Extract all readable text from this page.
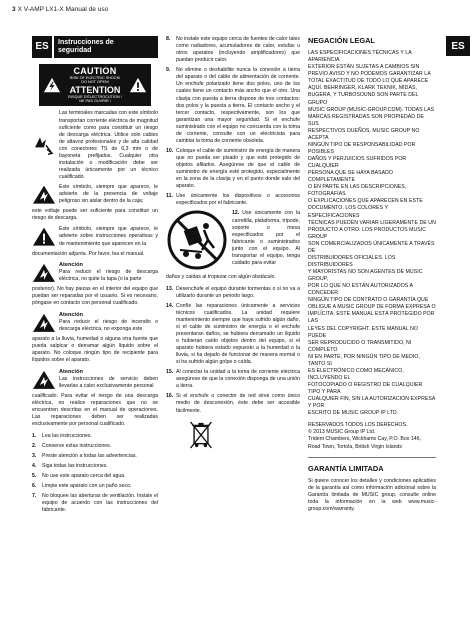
3 X V-AMP LX1-X Manual de uso
ES
ES	Instrucciones de
seguridad
CAUTION
RISK OF ELECTRIC SHOCK!
DO NOT OPEN!
ATTENTION
RISQUE D'ÉLECTROCUTION !
NE PAS OUVRIR !
Las terminales marcadas con este símbolo transportan corriente eléctrica de magnitud suficiente como para constituir un riesgo de descarga eléctrica. Utilice solo cables de altavoz profesionales y de alta calidad con conectores TS de 6,3 mm o de bayoneta prefijados. Cualquier otra instalación o modificación debe ser realizada únicamente por un técnico cualificado.
Este símbolo, siempre que aparece, le advierte de la presencia de voltaje peligroso sin aislar dentro de la caja;
este voltaje puede ser suficiente para constituir un riesgo de descarga.
Este símbolo, siempre que aparece, le advierte sobre instrucciones operativas y de mantenimiento que aparecen en la
documentación adjunta. Por favor, lea el manual.
Atención
Para reducir el riesgo de descarga eléctrica, no quite la tapa (o la parte
posterior). No hay piezas en el interior del equipo que puedan ser reparadas por el usuario. Si es necesario, póngase en contacto con personal cualificado.
Atención
Para reducir el riesgo de incendio o descarga eléctrica, no exponga este
aparato a la lluvia, humedad o alguna otra fuente que pueda salpicar o derramar algún líquido sobre el aparato. No coloque ningún tipo de recipiente para líquidos sobre el aparato.
Atención
Las instrucciones de servicio deben llevarlas a cabo exclusivamente personal
cualificado. Para evitar el riesgo de una descarga eléctrica, no realice reparaciones que no se encuentren descritas en el manual de operaciones. Las reparaciones deben ser realizadas exclusivamente por personal cualificado.
1.	Lea las instrucciones.
2.	Conserve estas instrucciones.
3.	Preste atención a todas las advertencias.
4.	Siga todas las instrucciones.
5.	No use este aparato cerca del agua.
6.	Limpie este aparato con un paño seco.
7.	No bloquee las aberturas de ventilación. Instale el equipo de acuerdo con las instrucciones del fabricante.
8.	No instale este equipo cerca de fuentes de calor tales como radiadores, acumuladores de calor, estufas u otros aparatos (incluyendo amplificadores) que puedan producir calor.
9.	No elimine o deshabilite nunca la conexión a tierra del aparato o del cable de alimentación de corriente. Un enchufe polarizado tiene dos polos, uno de los cuales tiene un contacto más ancho que el otro. Una clavija con puesta a tierra dispone de tres contactos: dos polos y la puesta a tierra. El contacto ancho y el tercer contacto, respectivamente, son los que garantizan una mayor seguridad. Si el enchufe suministrado con el equipo no concuerda con la toma de corriente, consulte con un electricista para cambiar la toma de corriente obsoleta.
10. Coloque el cable de suministro de energía de manera que no pueda ser pisado y que esté protegido de objetos afilados. Asegúrese de que el cable de suministro de energía esté protegido, especialmente en la zona de la clavija y en el punto donde sale del aparato.
11. Use únicamente los dispositivos o accesorios especificados por el fabricante.
12. Use únicamente con la carretilla, plataforma, trípode, soporte o mesa especificados por el fabricante o suministrados junto con el equipo. Al transportar el equipo, tenga cuidado para evitar
daños y caídas al tropezar con algún obstáculo.
13. Desenchufe el equipo durante tormentas o si no va a utilizarlo durante un periodo largo.
14. Confíe las reparaciones únicamente a servicios técnicos cualificados. La unidad requiere mantenimiento siempre que haya sufrido algún daño, si el cable de suministro de energía o el enchufe presentaran daños, se hubiera derramado un líquido o hubieran caído objetos dentro del equipo, si el aparato hubiera estado expuesto a la humedad o la lluvia, si ha dejado de funcionar de manera normal o si ha sufrido algún golpe o caída.
15. Al conectar la unidad a la toma de corriente eléctrica asegúrese de que la conexión disponga de una unión a tierra.
16. Si el enchufe o conector de red sirve como único medio de desconexión, éste debe ser accesible fácilmente.
NEGACIÓN LEGAL
LAS ESPECIFICACIONES TÉCNICAS Y LA APARIENCIA
EXTERIOR ESTÁN SUJETAS A CAMBIOS SIN
PREVIO AVISO Y NO PODEMOS GARANTIZAR LA
TOTAL EXACTITUD DE TODO LO QUE APARECE
AQUÍ. BEHRINGER, KLARK TEKNIK, MIDAS,
BUGERA, Y TURBOSOUND SON PARTE DEL GRUPO
MUSIC GROUP (MUSIC-GROUP.COM). TODAS LAS
MARCAS REGISTRADAS SON PROPIEDAD DE SUS
RESPECTIVOS DUEÑOS. MUSIC GROUP NO ACEPTA
NINGÚN TIPO DE RESPONSABILIDAD POR POSIBLES
DAÑOS Y PERJUICIOS SUFRIDOS POR CUALQUIER
PERSONA QUE SE HAYA BASADO COMPLETAMENTE
O EN PARTE EN LAS DESCRIPCIONES, FOTOGRAFÍAS
O EXPLICACIONES QUE APARECEN EN ESTE
DOCUMENTO. LOS COLORES Y ESPECIFICACIONES
TÉCNICAS PUEDEN VARIAR LIGERAMENTE DE UN
PRODUCTO A OTRO. LOS PRODUCTOS MUSIC GROUP
SON COMERCIALIZADOS ÚNICAMENTE A TRAVÉS DE
DISTRIBUIDORES OFICIALES. LOS DISTRIBUIDORES
Y MAYORISTAS NO SON AGENTES DE MUSIC GROUP,
POR LO QUE NO ESTÁN AUTORIZADOS A CONCEDER
NINGÚN TIPO DE CONTRATO O GARANTÍA QUE
OBLIGUE A MUSIC GROUP DE FORMA EXPRESA O
IMPLÍCITA. ESTE MANUAL ESTÁ PROTEGIDO POR LAS
LEYES DEL COPYRIGHT. ESTE MANUAL NO PUEDE
SER REPRODUCIDO O TRANSMITIDO, NI COMPLETO
NI EN PARTE, POR NINGÚN TIPO DE MEDIO, TANTO SI
ES ELECTRÓNICO COMO MECÁNICO, INCLUYENDO EL
FOTOCOPIADO O REGISTRO DE CUALQUIER TIPO Y PARA
CUALQUIER FIN, SIN LA AUTORIZACIÓN EXPRESA Y POR
ESCRITO DE MUSIC GROUP IP LTD.
RESERVADOS TODOS LOS DERECHOS.
© 2013 MUSIC Group IP Ltd.
Trident Chambers, Wickhams Cay, P.O. Box 146,
Road Town, Tortola, British Virgin Islands
GARANTÍA LIMITADA
Si quiere conocer los detalles y condiciones aplicables de la garantía así como información adicional sobre la Garantía limitada de MUSIC group, consulte online toda la información en la web www.music-group.com/warranty.
